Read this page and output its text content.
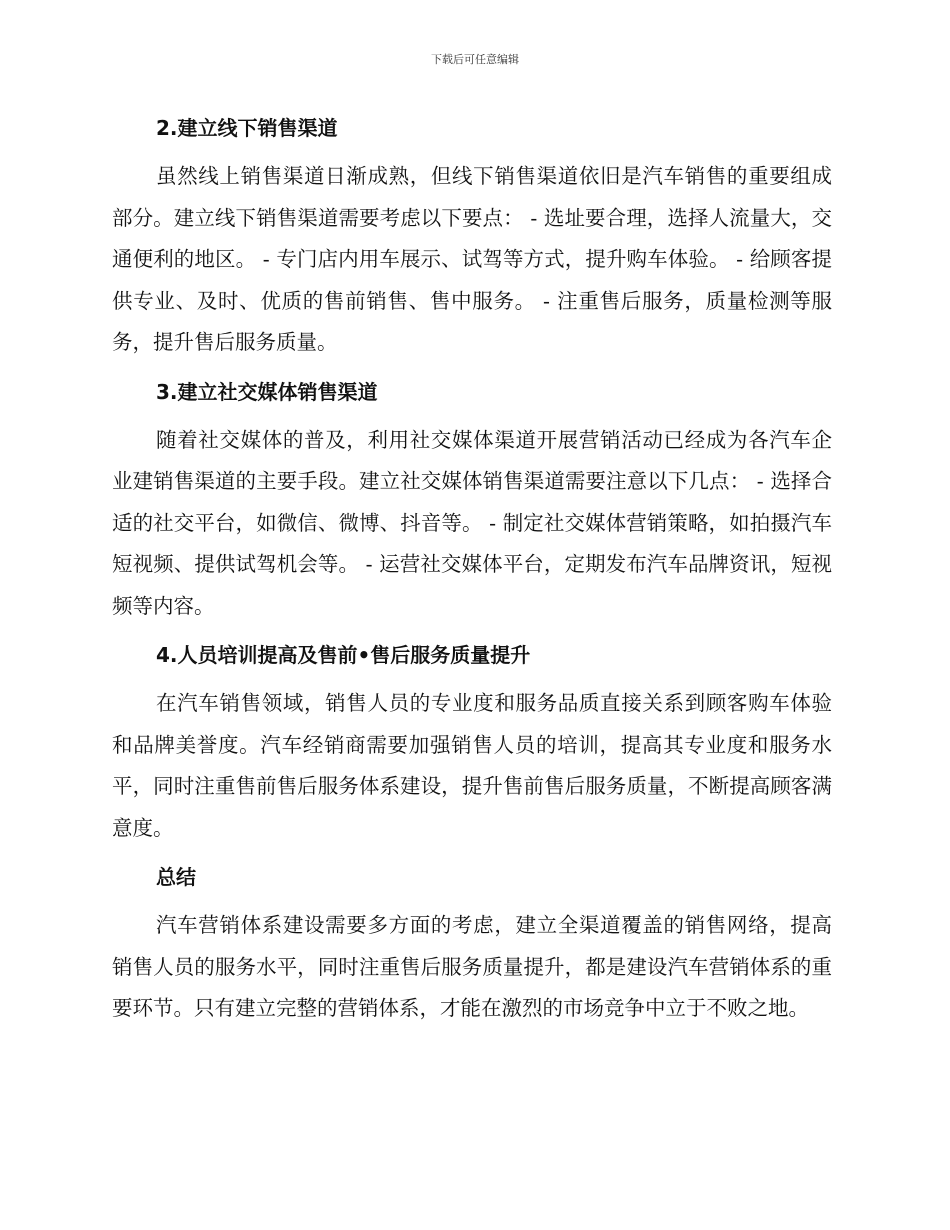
下载后可任意编辑
2.建立线下销售渠道

虽然线上销售渠道日渐成熟，但线下销售渠道依旧是汽车销售的重要组成部分。建立线下销售渠道需要考虑以下要点： - 选址要合理，选择人流量大，交通便利的地区。 - 专门店内用车展示、试驾等方式，提升购车体验。 - 给顾客提供专业、及时、优质的售前销售、售中服务。 - 注重售后服务，质量检测等服务，提升售后服务质量。

3.建立社交媒体销售渠道

随着社交媒体的普及，利用社交媒体渠道开展营销活动已经成为各汽车企业建销售渠道的主要手段。建立社交媒体销售渠道需要注意以下几点： - 选择合适的社交平台，如微信、微博、抖音等。 - 制定社交媒体营销策略，如拍摄汽车短视频、提供试驾机会等。 - 运营社交媒体平台，定期发布汽车品牌资讯，短视频等内容。

4.人员培训提高及售前•售后服务质量提升

在汽车销售领域，销售人员的专业度和服务品质直接关系到顾客购车体验和品牌美誉度。汽车经销商需要加强销售人员的培训，提高其专业度和服务水平，同时注重售前售后服务体系建设，提升售前售后服务质量，不断提高顾客满意度。

总结

汽车营销体系建设需要多方面的考虑，建立全渠道覆盖的销售网络，提高销售人员的服务水平，同时注重售后服务质量提升，都是建设汽车营销体系的重要环节。只有建立完整的营销体系，才能在激烈的市场竞争中立于不败之地。
